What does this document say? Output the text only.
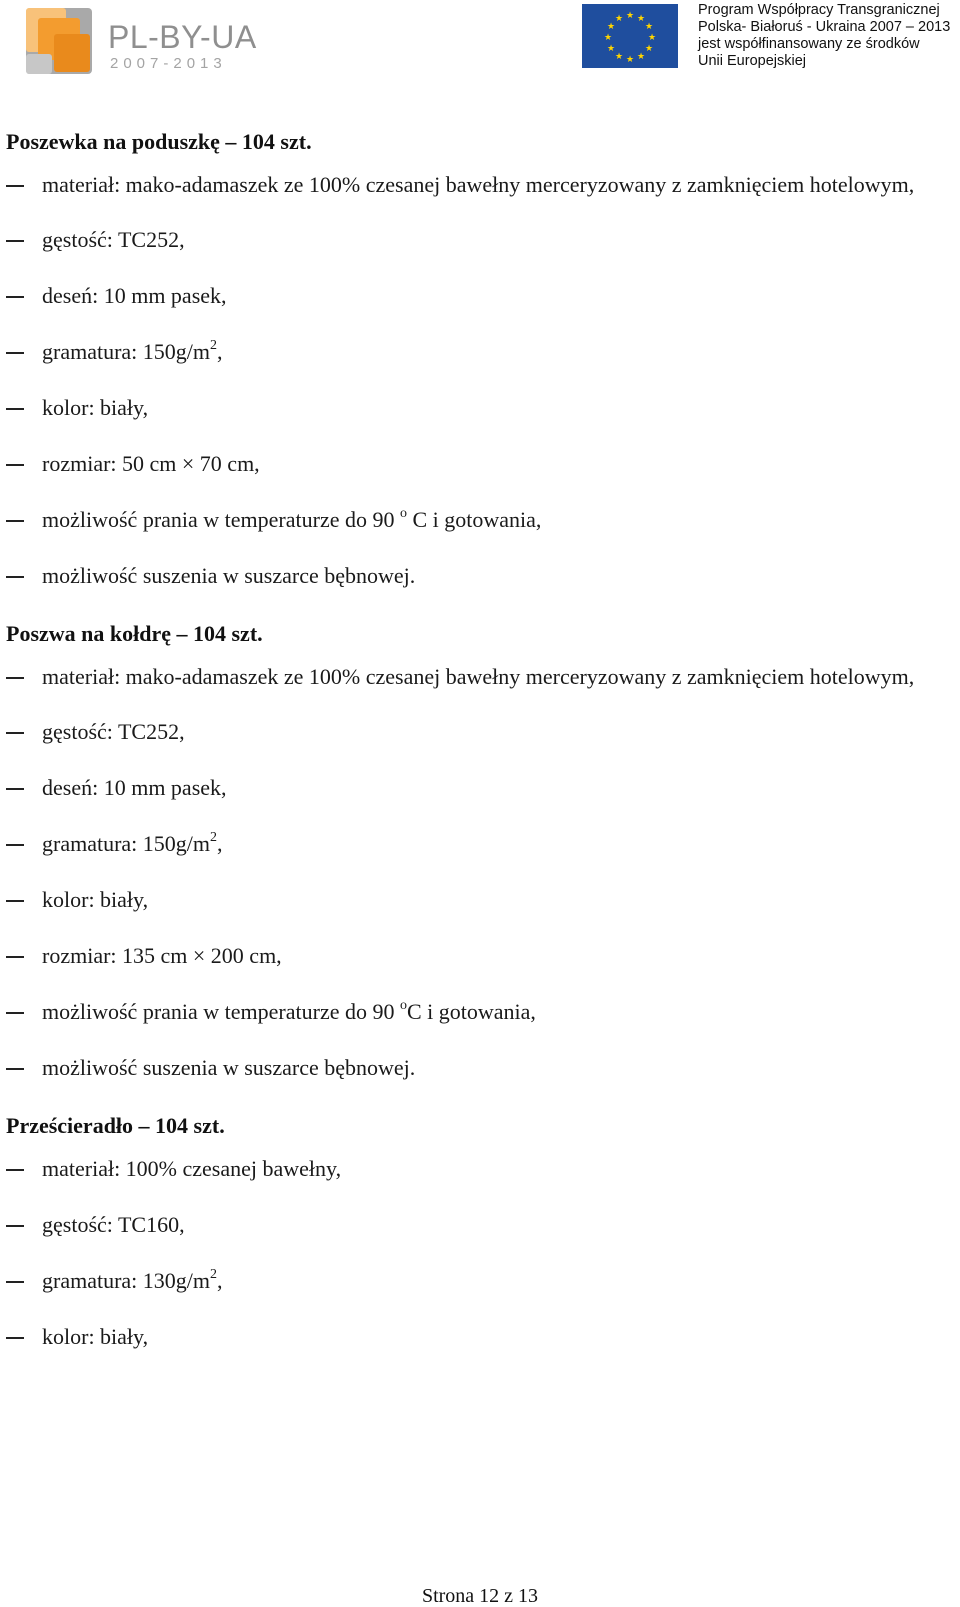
PL-BY-UA
2007-2013
★ ★
★
★
★
★
★
★
★
★
★
★
Program Współpracy Transgranicznej
Polska- Białoruś - Ukraina 2007 – 2013
jest współfinansowany ze środków
Unii Europejskiej
Poszewka na poduszkę – 104 szt.
materiał: mako-adamaszek ze 100% czesanej bawełny merceryzowany z zamknięciem hotelowym,
gęstość: TC252,
deseń: 10 mm pasek,
gramatura: $150g/m^2$,
kolor: biały,
rozmiar: 50 cm × 70 cm,
możliwość prania w temperaturze do 90 $^o$ C i gotowania,
możliwość suszenia w suszarce bębnowej.
Poszwa na kołdrę – 104 szt.
materiał: mako-adamaszek ze 100% czesanej bawełny merceryzowany z zamknięciem hotelowym,
gęstość: TC252,
deseń: 10 mm pasek,
gramatura: $150g/m^2$,
kolor: biały,
rozmiar: 135 cm × 200 cm,
możliwość prania w temperaturze do 90 $^o$C i gotowania,
możliwość suszenia w suszarce bębnowej.
Prześcieradło – 104 szt.
materiał: 100% czesanej bawełny,
gęstość: TC160,
gramatura: $130g/m^2$,
kolor: biały,
Strona 12 z 13
